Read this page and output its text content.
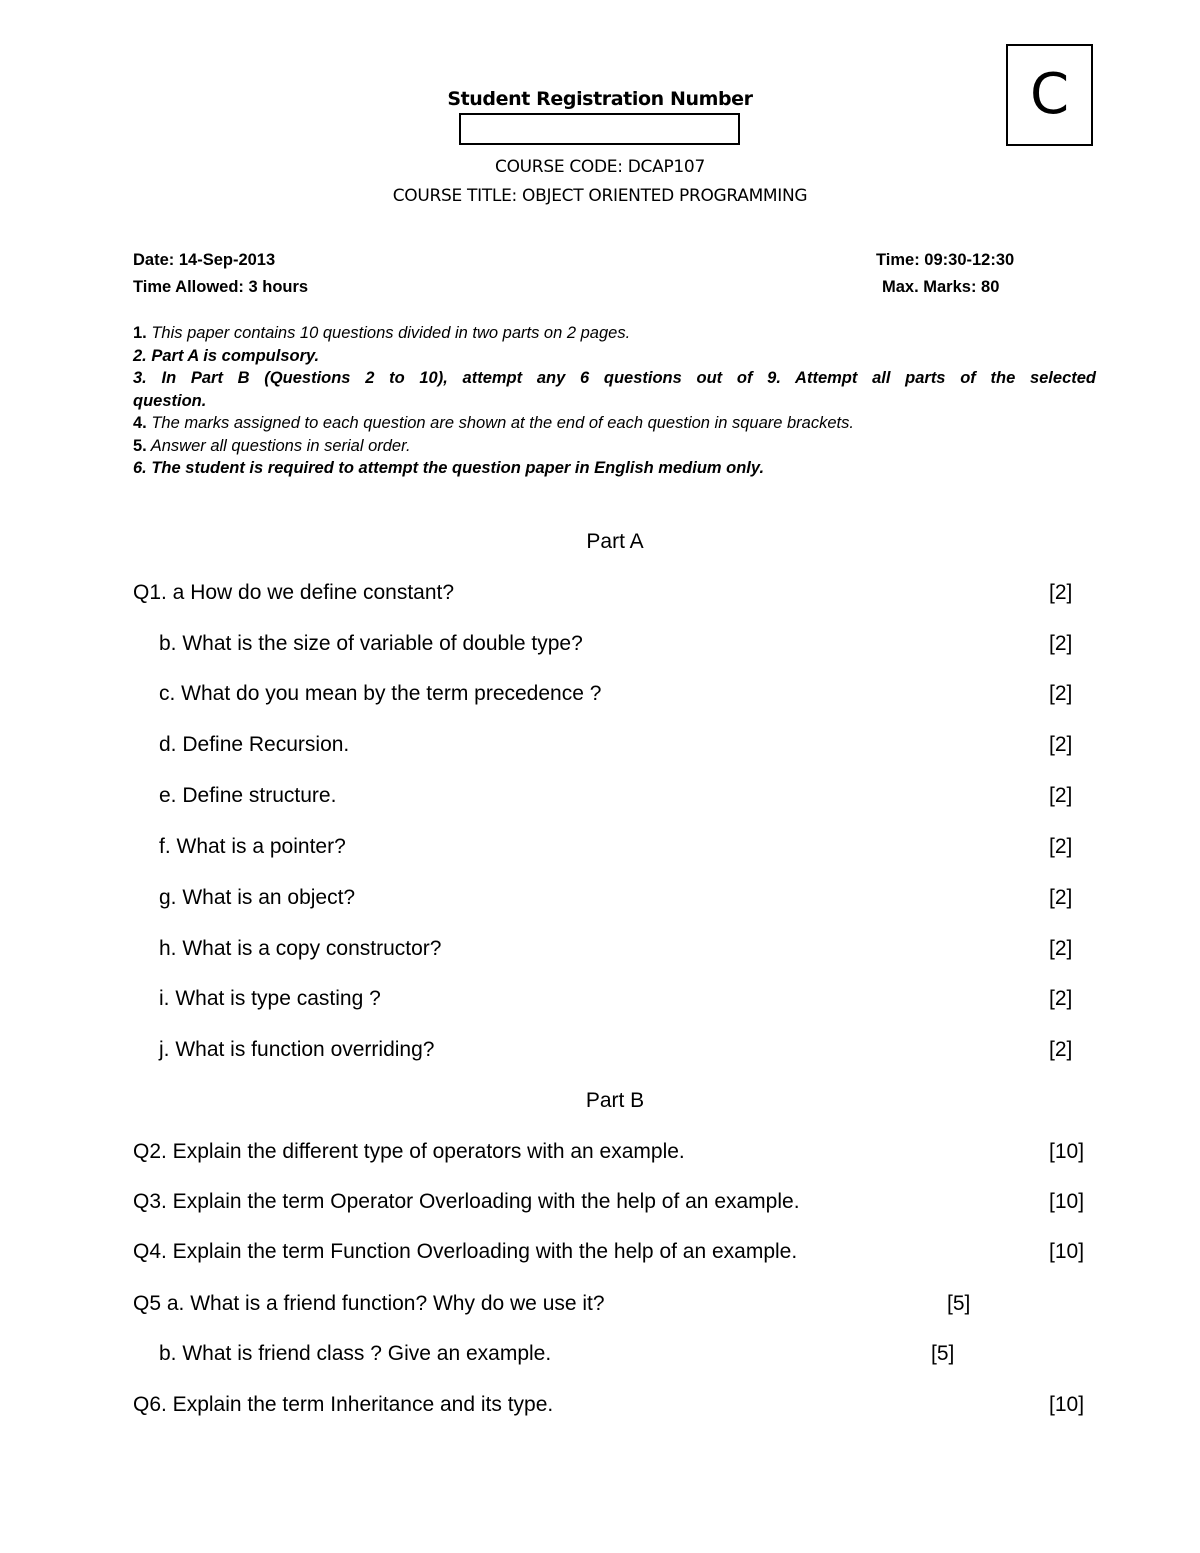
C
Student Registration Number
COURSE CODE: DCAP107
COURSE TITLE: OBJECT ORIENTED PROGRAMMING
Date: 14-Sep-2013	Time: 09:30-12:30
Time Allowed: 3 hours	Max. Marks: 80
1. This paper contains 10 questions divided in two parts on 2 pages.
2. Part A is compulsory.
3. In Part B (Questions 2 to 10), attempt any 6 questions out of 9. Attempt all parts of the selected
question.
4. The marks assigned to each question are shown at the end of each question in square brackets.
5. Answer all questions in serial order.
6. The student is required to attempt the question paper in English medium only.
Part A
Q1. a How do we define constant?	[2]
b. What is the size of variable of double type?	[2]
c. What do you mean by the term precedence ?	[2]
d. Define Recursion.	[2]
e. Define structure.	[2]
f. What is a pointer?	[2]
g. What is an object?	[2]
h. What is a copy constructor?	[2]
i. What is type casting ?	[2]
j. What is function overriding?	[2]
Part B
Q2. Explain the different type of operators with an example.	[10]
Q3. Explain the term Operator Overloading with the help of an example.	[10]
Q4. Explain the term Function Overloading with the help of an example.	[10]
Q5 a. What is a friend function? Why do we use it?	[5]
b. What is friend class ? Give an example.	[5]
Q6. Explain the term Inheritance and its type.	[10]
